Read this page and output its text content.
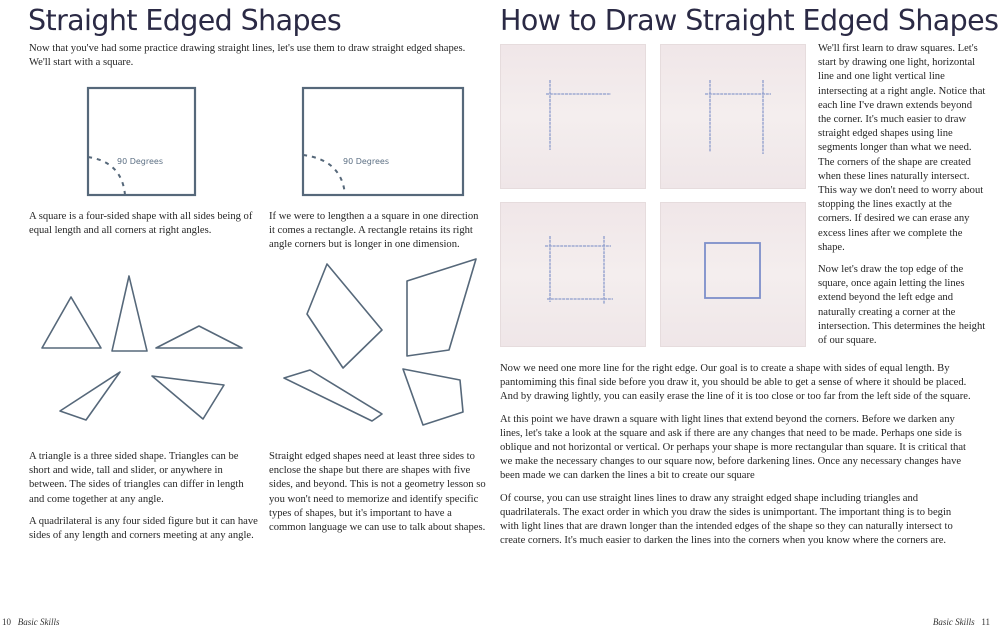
Straight Edged Shapes

Now that you've had some practice drawing straight lines, let's use them to draw straight edged shapes. We'll start with a square.

90 Degrees	90 Degrees

A square is a four-sided shape with all sides being of equal length and all corners at right angles.

If we were to lengthen a a square in one direction it comes a rectangle. A rectangle retains its right angle corners but is longer in one dimension.

A triangle is a three sided shape. Triangles can be short and wide, tall and slider, or anywhere in between. The sides of triangles can differ in length and come together at any angle.

A quadrilateral is any four sided figure but it can have sides of any length and corners meeting at any angle.

Straight edged shapes need at least three sides to enclose the shape but there are shapes with five sides, and beyond. This is not a geometry lesson so you won't need to memorize and identify specific types of shapes, but it's important to have a common language we can use to talk about shapes.

10 Basic Skills
How to Draw Straight Edged Shapes

We'll first learn to draw squares. Let's start by drawing one light, horizontal line and one light vertical line intersecting at a right angle. Notice that each line I've drawn extends beyond the corner. It's much easier to draw straight edged shapes using line segments longer than what we need. The corners of the shape are created when these lines naturally intersect. This way we don't need to worry about stopping the lines exactly at the corners. If desired we can erase any excess lines after we complete the shape.

Now let's draw the top edge of the square, once again letting the lines extend beyond the left edge and naturally creating a corner at the intersection. This determines the height of our square.

Now we need one more line for the right edge. Our goal is to create a shape with sides of equal length. By pantomiming this final side before you draw it, you should be able to get a sense of where it should be placed. And by drawing lightly, you can easily erase the line of it is too close or too far from the left side of the square.

At this point we have drawn a square with light lines that extend beyond the corners. Before we darken any lines, let's take a look at the square and ask if there are any changes that need to be made. Perhaps one side is oblique and not horizontal or vertical. Or perhaps your shape is more rectangular than square. It is critical that we make the necessary changes to our square now, before darkening lines. Once any necessary changes have been made we can darken the lines a bit to create our square

Of course, you can use straight lines lines to draw any straight edged shape including triangles and quadrilaterals. The exact order in which you draw the sides is unimportant. The important thing is to begin with light lines that are drawn longer than the intended edges of the shape so they can naturally intersect to create corners. It's much easier to darken the lines into the corners when you know where the corners are.

Basic Skills 11
